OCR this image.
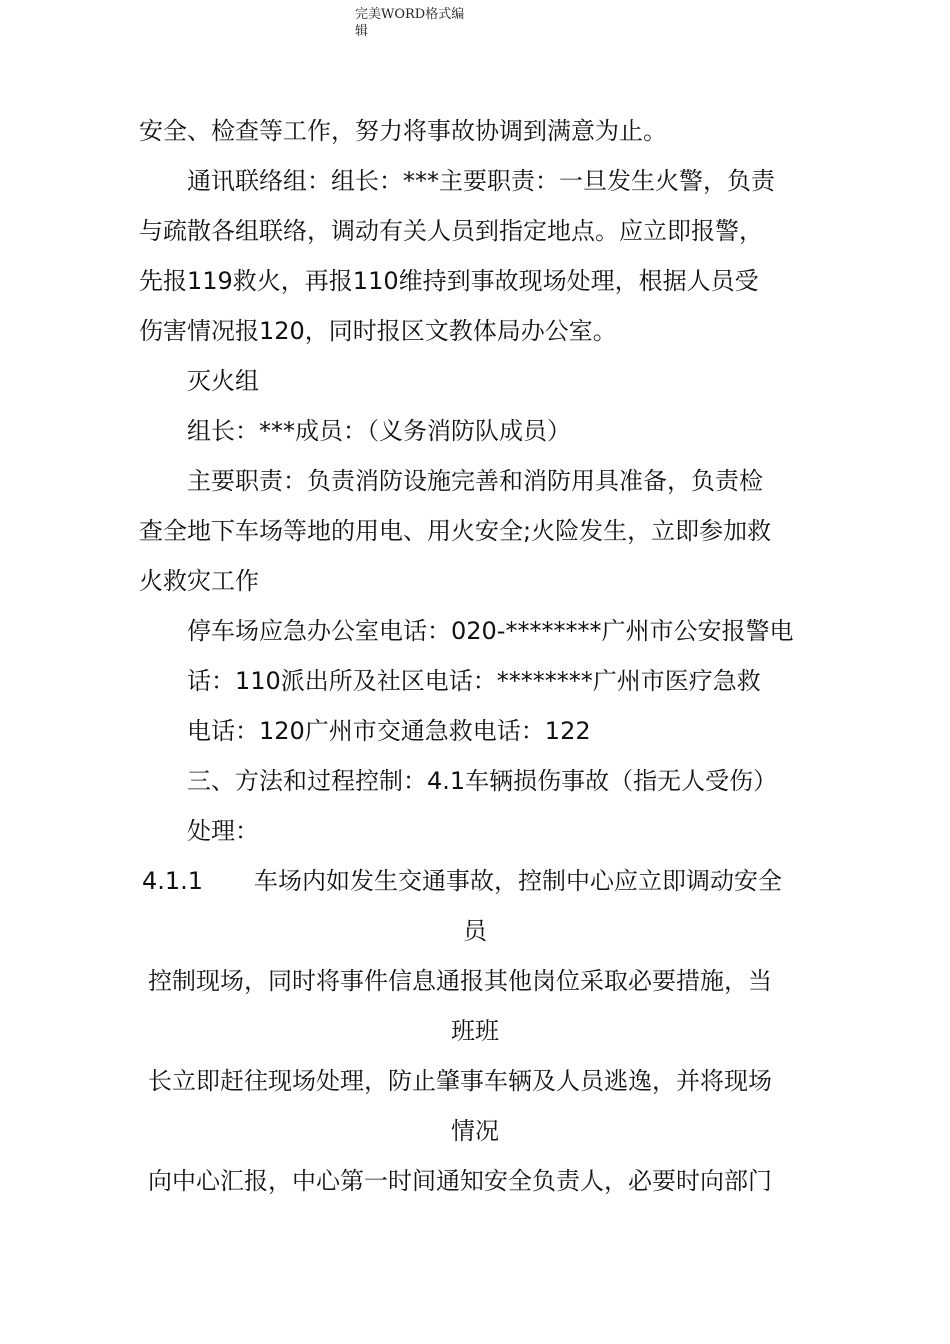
完美WORD格式编
辑
安全、检查等工作，努力将事故协调到满意为止。
通讯联络组：组长：***主要职责：一旦发生火警，负责
与疏散各组联络，调动有关人员到指定地点。应立即报警，
先报119救火，再报110维持到事故现场处理，根据人员受
伤害情况报120，同时报区文教体局办公室。
灭火组
组长：***成员：（义务消防队成员）
主要职责：负责消防设施完善和消防用具准备，负责检
查全地下车场等地的用电、用火安全;火险发生，立即参加救
火救灾工作
停车场应急办公室电话：020-********广州市公安报警电
话：110派出所及社区电话：********广州市医疗急救
电话：120广州市交通急救电话：122
三、方法和过程控制：4.1车辆损伤事故（指无人受伤）
处理：
4.1.1 车场内如发生交通事故，控制中心应立即调动安全
员
控制现场，同时将事件信息通报其他岗位采取必要措施，当
班班
长立即赶往现场处理，防止肇事车辆及人员逃逸，并将现场
情况
向中心汇报，中心第一时间通知安全负责人，必要时向部门
